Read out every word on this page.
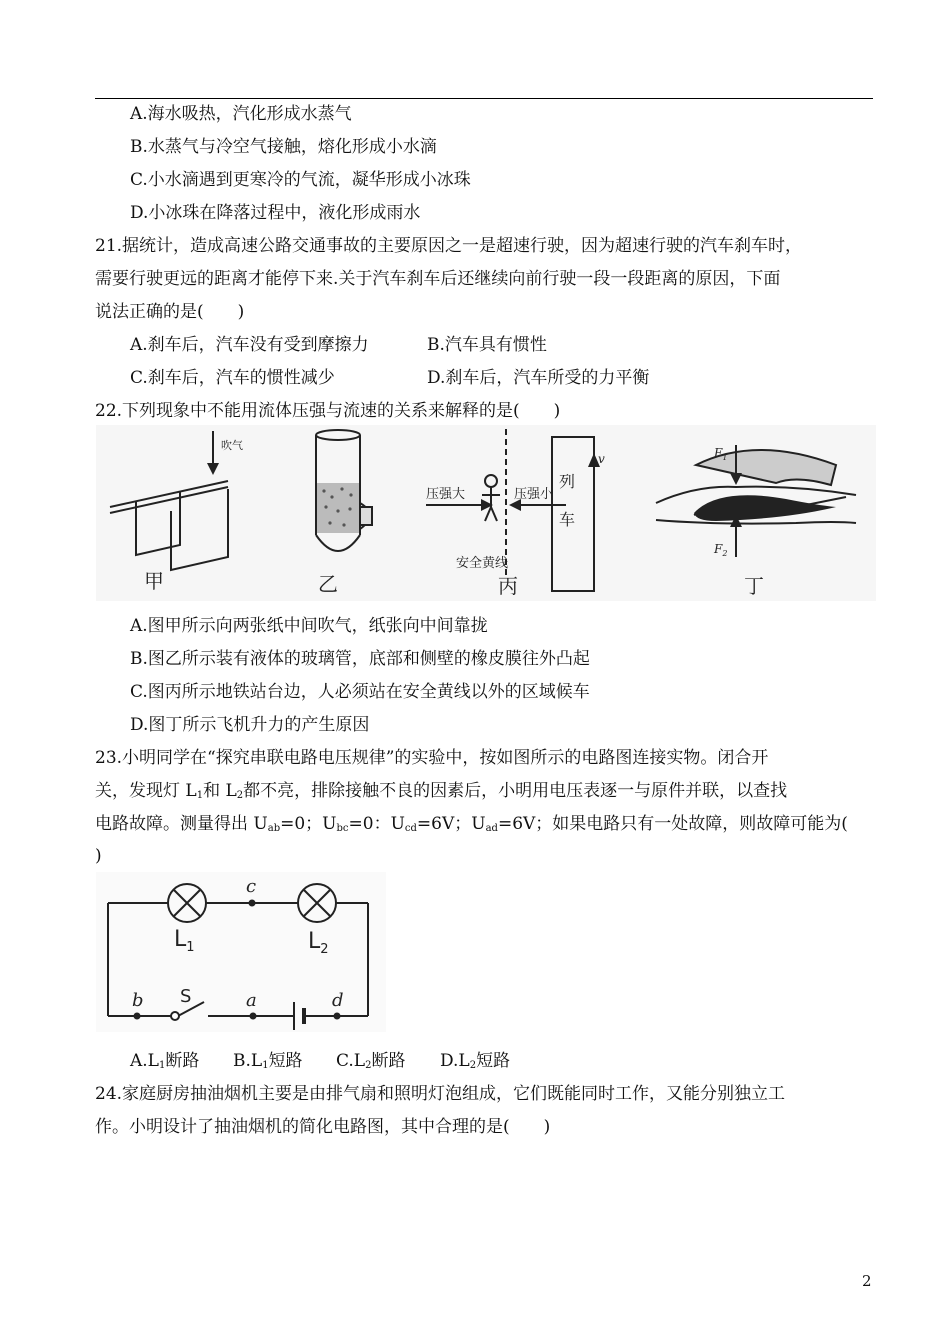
A.海水吸热，汽化形成水蒸气
B.水蒸气与冷空气接触，熔化形成小水滴
C.小水滴遇到更寒冷的气流，凝华形成小冰珠
D.小冰珠在降落过程中，液化形成雨水
21.据统计，造成高速公路交通事故的主要原因之一是超速行驶，因为超速行驶的汽车刹车时，
需要行驶更远的距离才能停下来.关于汽车刹车后还继续向前行驶一段一段距离的原因，下面
说法正确的是(　　)
A.刹车后，汽车没有受到摩擦力	B.汽车具有惯性
C.刹车后，汽车的惯性减少	D.刹车后，汽车所受的力平衡
22.下列现象中不能用流体压强与流速的关系来解释的是(　　)
吹气
甲	乙
压强大	压强小
列
车
v
安全黄线
丙
$F_1$
$F_2$
丁
A.图甲所示向两张纸中间吹气，纸张向中间靠拢
B.图乙所示装有液体的玻璃管，底部和侧壁的橡皮膜往外凸起
C.图丙所示地铁站台边，人必须站在安全黄线以外的区域候车
D.图丁所示飞机升力的产生原因
23.小明同学在“探究串联电路电压规律”的实验中，按如图所示的电路图连接实物。闭合开
关，发现灯 $L_1$和 $L_2$都不亮，排除接触不良的因素后，小明用电压表逐一与原件并联，以查找
电路故障。测量得出 $U_{ab}=0$；$U_{bc}=0$：$U_{cd}=6V$；$U_{ad}=6V$；如果电路只有一处故障，则故障可能为(
)
c
b S	a	d
$L_1$	$L_2$
$A.L_1$断路 $B.L_1$短路 $C.L_2$断路 $D.L_2$短路
24.家庭厨房抽油烟机主要是由排气扇和照明灯泡组成，它们既能同时工作，又能分别独立工
作。小明设计了抽油烟机的简化电路图，其中合理的是(　　)
2
